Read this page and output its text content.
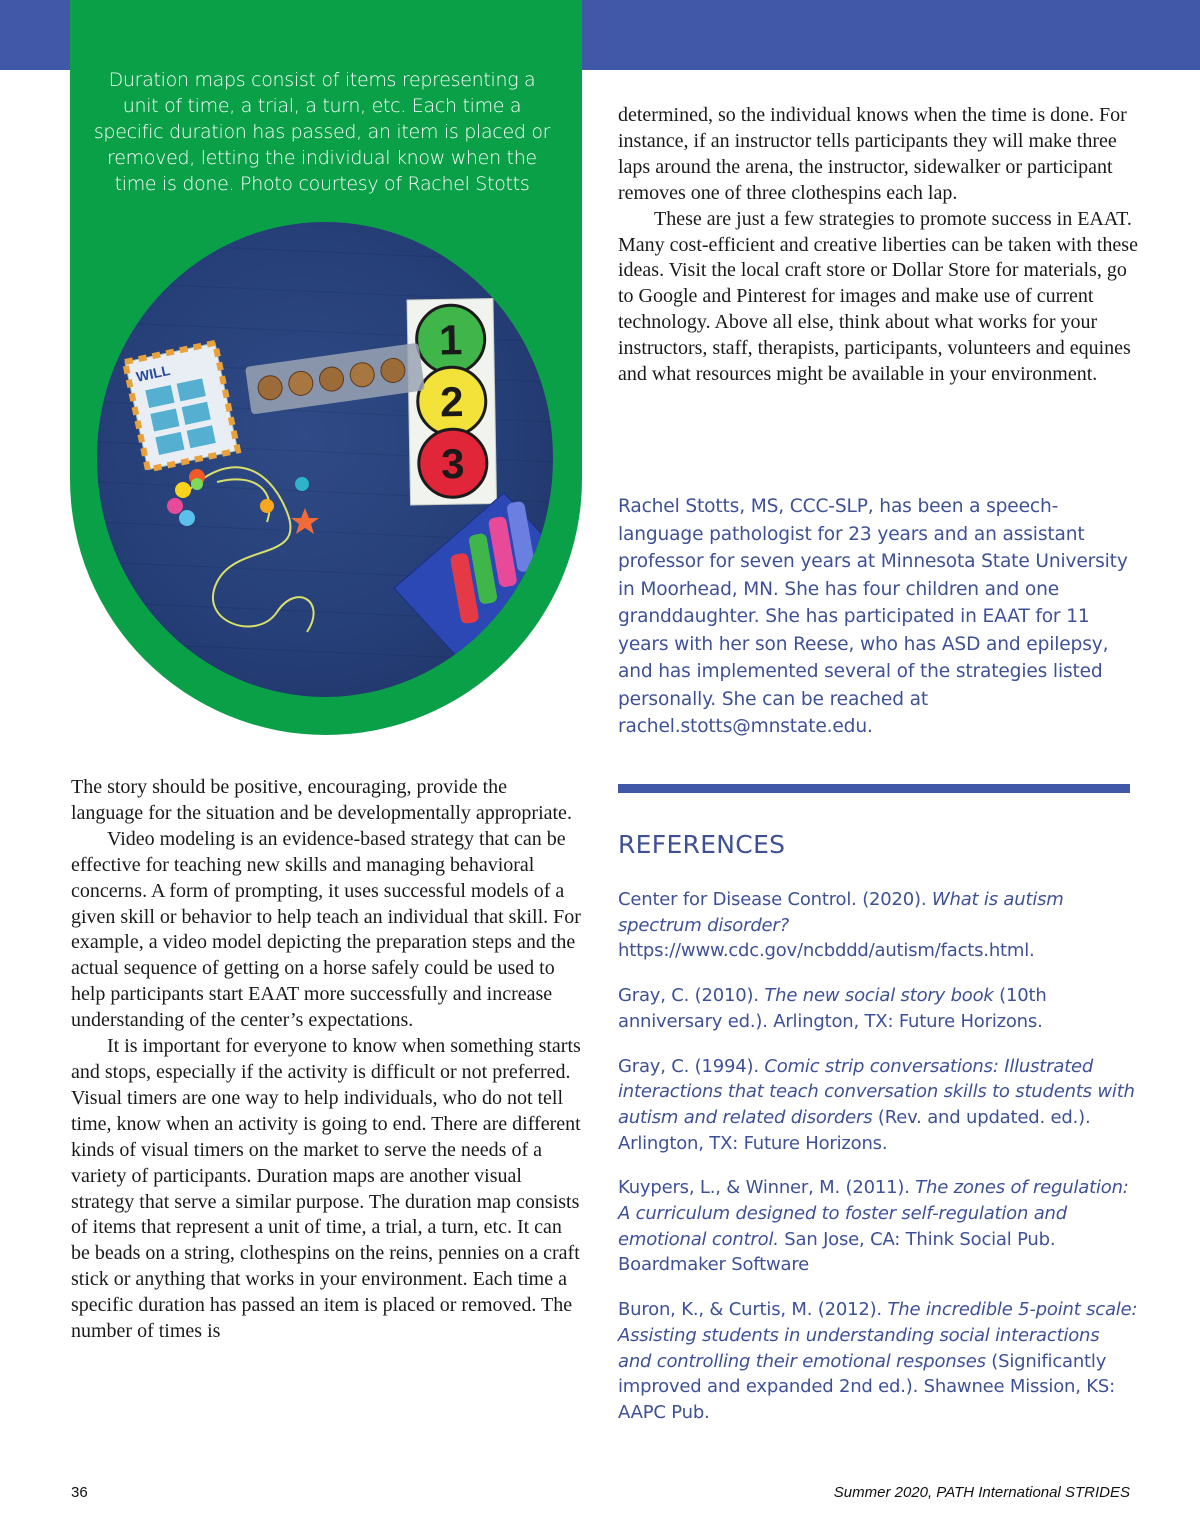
Duration maps consist of items representing a unit of time, a trial, a turn, etc. Each time a specific duration has passed, an item is placed or removed, letting the individual know when the time is done. Photo courtesy of Rachel Stotts
1
2
3
WILL

determined, so the individual knows when the time is done. For instance, if an instructor tells participants they will make three laps around the arena, the instructor, sidewalker or participant removes one of three clothespins each lap.

These are just a few strategies to promote success in EAAT. Many cost-efficient and creative liberties can be taken with these ideas. Visit the local craft store or Dollar Store for materials, go to Google and Pinterest for images and make use of current technology. Above all else, think about what works for your instructors, staff, therapists, participants, volunteers and equines and what resources might be available in your environment.

Rachel Stotts, MS, CCC-SLP, has been a speech-language pathologist for 23 years and an assistant professor for seven years at Minnesota State University in Moorhead, MN. She has four children and one granddaughter. She has participated in EAAT for 11 years with her son Reese, who has ASD and epilepsy, and has implemented several of the strategies listed personally. She can be reached at rachel.stotts@mnstate.edu.

The story should be positive, encouraging, provide the language for the situation and be developmentally appropriate.

Video modeling is an evidence-based strategy that can be effective for teaching new skills and managing behavioral concerns. A form of prompting, it uses successful models of a given skill or behavior to help teach an individual that skill. For example, a video model depicting the preparation steps and the actual sequence of getting on a horse safely could be used to help participants start EAAT more successfully and increase understanding of the center’s expectations.

It is important for everyone to know when something starts and stops, especially if the activity is difficult or not preferred. Visual timers are one way to help individuals, who do not tell time, know when an activity is going to end. There are different kinds of visual timers on the market to serve the needs of a variety of participants. Duration maps are another visual strategy that serve a similar purpose. The duration map consists of items that represent a unit of time, a trial, a turn, etc. It can be beads on a string, clothespins on the reins, pennies on a craft stick or anything that works in your environment. Each time a specific duration has passed an item is placed or removed. The number of times is

REFERENCES

Center for Disease Control. (2020). What is autism spectrum disorder? https://www.cdc.gov/ncbddd/autism/facts.html.

Gray, C. (2010). The new social story book (10th anniversary ed.). Arlington, TX: Future Horizons.

Gray, C. (1994). Comic strip conversations: Illustrated interactions that teach conversation skills to students with autism and related disorders (Rev. and updated. ed.). Arlington, TX: Future Horizons.

Kuypers, L., & Winner, M. (2011). The zones of regulation: A curriculum designed to foster self-regulation and emotional control. San Jose, CA: Think Social Pub. Boardmaker Software

Buron, K., & Curtis, M. (2012). The incredible 5-point scale: Assisting students in understanding social interactions and controlling their emotional responses (Significantly improved and expanded 2nd ed.). Shawnee Mission, KS: AAPC Pub.

36	Summer 2020, PATH International STRIDES
